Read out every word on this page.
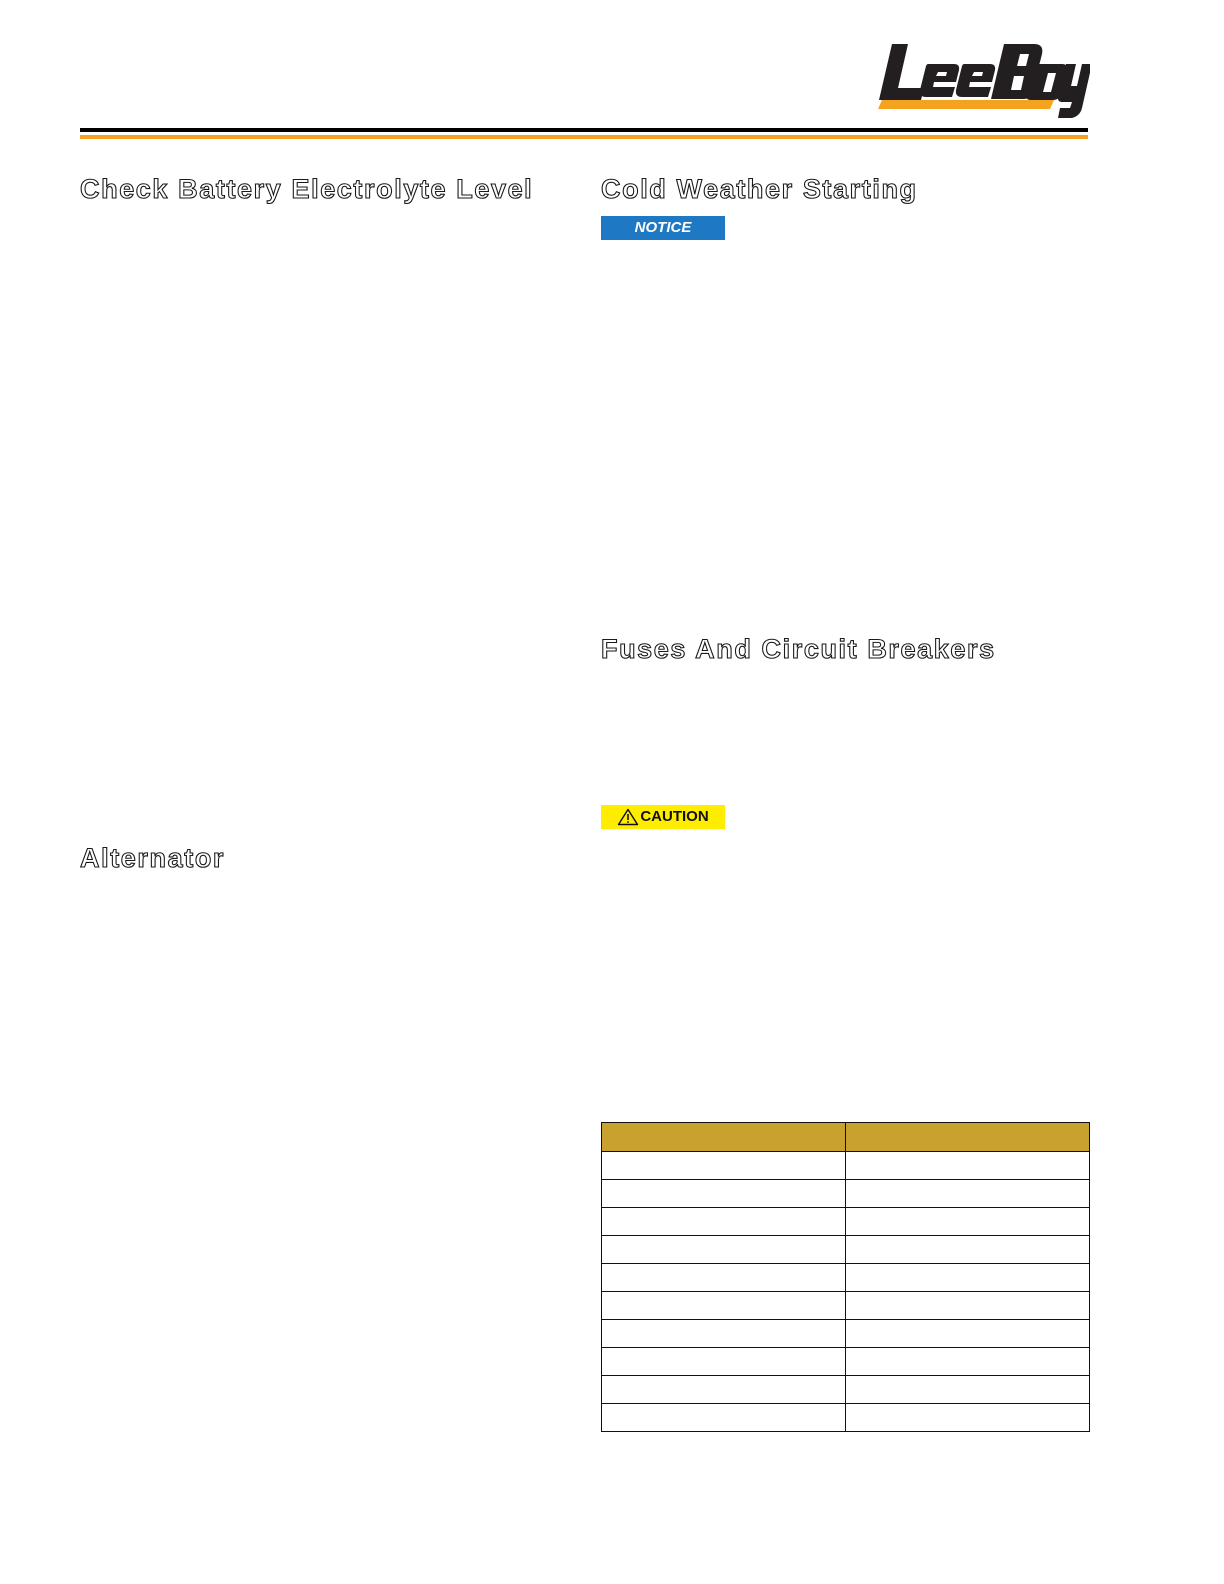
Check Battery Electrolyte Level	Cold Weather Starting
Fuses And Circuit Breakers
Alternator
NOTICE
CAUTION
